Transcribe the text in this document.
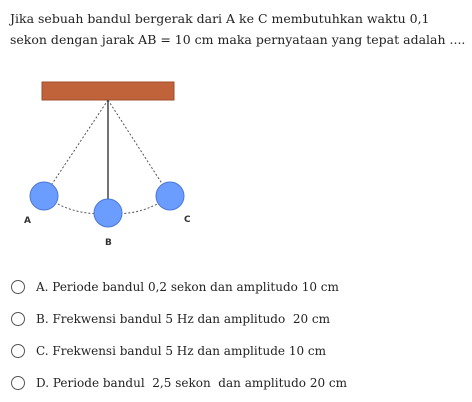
Jika sebuah bandul bergerak dari A ke C membutuhkan waktu 0,1
sekon dengan jarak AB = 10 cm maka pernyataan yang tepat adalah ....
A
B
C
A. Periode bandul 0,2 sekon dan amplitudo 10 cm
B. Frekwensi bandul 5 Hz dan amplitudo  20 cm
C. Frekwensi bandul 5 Hz dan amplitude 10 cm
D. Periode bandul  2,5 sekon  dan amplitudo 20 cm
